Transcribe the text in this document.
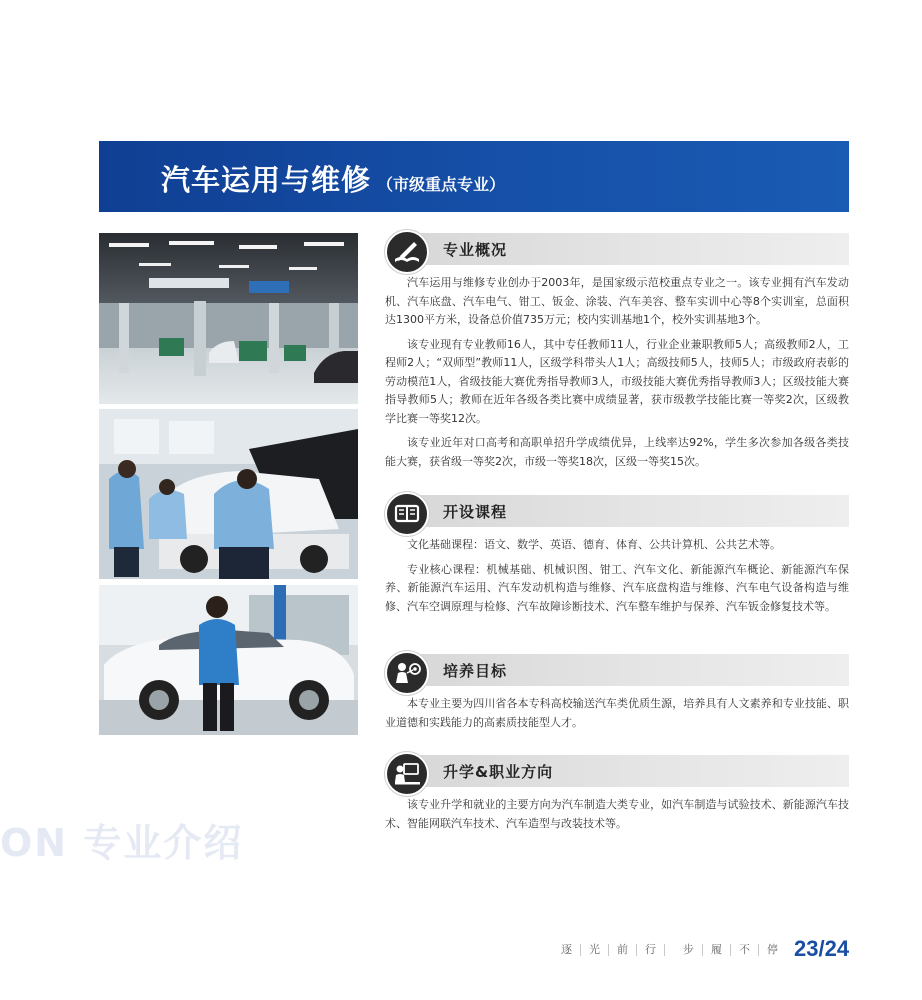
汽车运用与维修 （市级重点专业）
专业概况

汽车运用与维修专业创办于2003年，是国家级示范校重点专业之一。该专业拥有汽车发动机、汽车底盘、汽车电气、钳工、钣金、涂装、汽车美容、整车实训中心等8个实训室，总面积达1300平方米，设备总价值735万元；校内实训基地1个，校外实训基地3个。

该专业现有专业教师16人，其中专任教师11人，行业企业兼职教师5人；高级教师2人，工程师2人；“双师型”教师11人，区级学科带头人1人；高级技师5人，技师5人；市级政府表彰的劳动模范1人，省级技能大赛优秀指导教师3人，市级技能大赛优秀指导教师3人；区级技能大赛指导教师5人；教师在近年各级各类比赛中成绩显著，获市级教学技能比赛一等奖2次，区级教学比赛一等奖12次。

该专业近年对口高考和高职单招升学成绩优异，上线率达92%，学生多次参加各级各类技能大赛，获省级一等奖2次，市级一等奖18次，区级一等奖15次。

开设课程

文化基础课程：语文、数学、英语、德育、体育、公共计算机、公共艺术等。

专业核心课程：机械基础、机械识图、钳工、汽车文化、新能源汽车概论、新能源汽车保养、新能源汽车运用、汽车发动机构造与维修、汽车底盘构造与维修、汽车电气设备构造与维修、汽车空调原理与检修、汽车故障诊断技术、汽车整车维护与保养、汽车钣金修复技术等。

培养目标

本专业主要为四川省各本专科高校输送汽车类优质生源，培养具有人文素养和专业技能、职业道德和实践能力的高素质技能型人才。

升学&职业方向

该专业升学和就业的主要方向为汽车制造大类专业，如汽车制造与试验技术、新能源汽车技术、智能网联汽车技术、汽车造型与改装技术等。

ON 专业介绍
逐 光 前 行 步 履 不 停 23/24
